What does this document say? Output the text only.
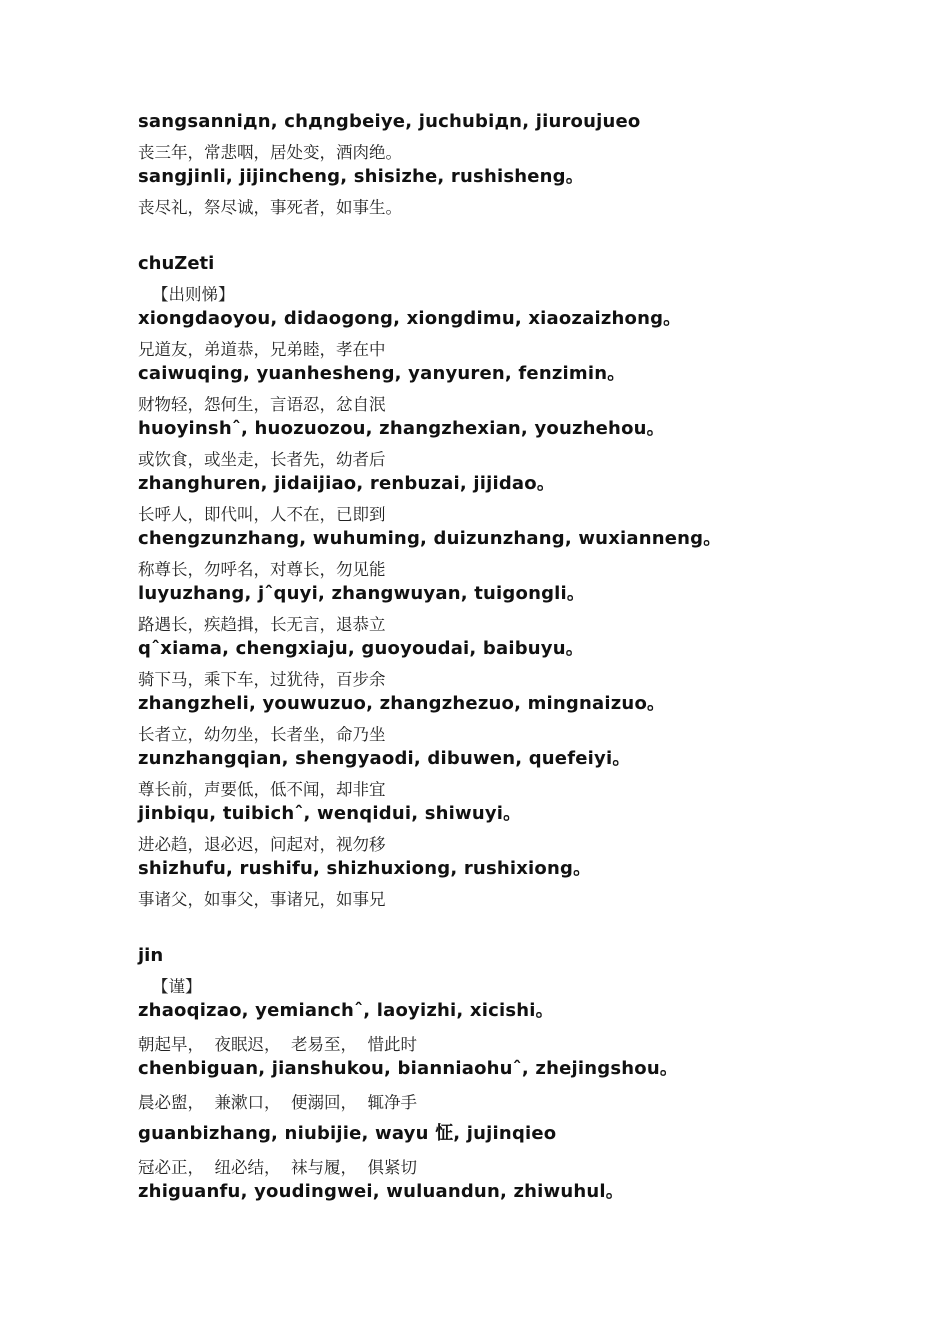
sangsanniдn, chдngbeiye, juchubiдn, jiurouјueo
丧三年，常悲咽，居处变，酒肉绝。
sangjinli, jijincheng, shisizhe, rushisheng。
丧尽礼，祭尽诚，事死者，如事生。
chuZeti
【出则悌】
xiongdaoyou, didaogong, xiongdimu, xiaozaizhong。
兄道友，弟道恭，兄弟睦，孝在中
caiwuqing, yuanhesheng, yanyuren, fenzimin。
财物轻，怨何生，言语忍，忿自泯
huoyinshˆ, huozuozou, zhangzhexian, youzhehou。
或饮食，或坐走，长者先，幼者后
zhanghuren, jidaijiao, renbuzai, jijidao。
长呼人，即代叫，人不在，已即到
chengzunzhang, wuhuming, duizunzhang, wuxianneng。
称尊长，勿呼名，对尊长，勿见能
luyuzhang, jˆquyi, zhangwuyan, tuigongli。
路遇长，疾趋揖，长无言，退恭立
qˆxiama, chengxiaju, guoyoudai, baibuyu。
骑下马，乘下车，过犹待，百步余
zhangzheli, youwuzuo, zhangzhezuo, mingnaizuo。
长者立，幼勿坐，长者坐，命乃坐
zunzhangqian, shengyaodi, dibuwen, quefeiyi。
尊长前，声要低，低不闻，却非宜
jinbiqu, tuibichˆ, wenqidui, shiwuyi。
进必趋，退必迟，问起对，视勿移
shizhufu, rushifu, shizhuxiong, rushixiong。
事诸父，如事父，事诸兄，如事兄
jin
【谨】
zhaoqizao, yemianchˆ, laoyizhi, xicishi。
朝起早，  夜眠迟，  老易至，  惜此时
chenbiguan, jianshukou, bianniaohuˆ, zhejingshou。
晨必盥，  兼漱口，  便溺回，  辄净手
guanbizhang, niubijie, wayu 怔, jujinqieo
冠必正，  纽必结，  袜与履，  俱紧切
zhiguanfu, youdingwei, wuluandun, zhiwuhul。
